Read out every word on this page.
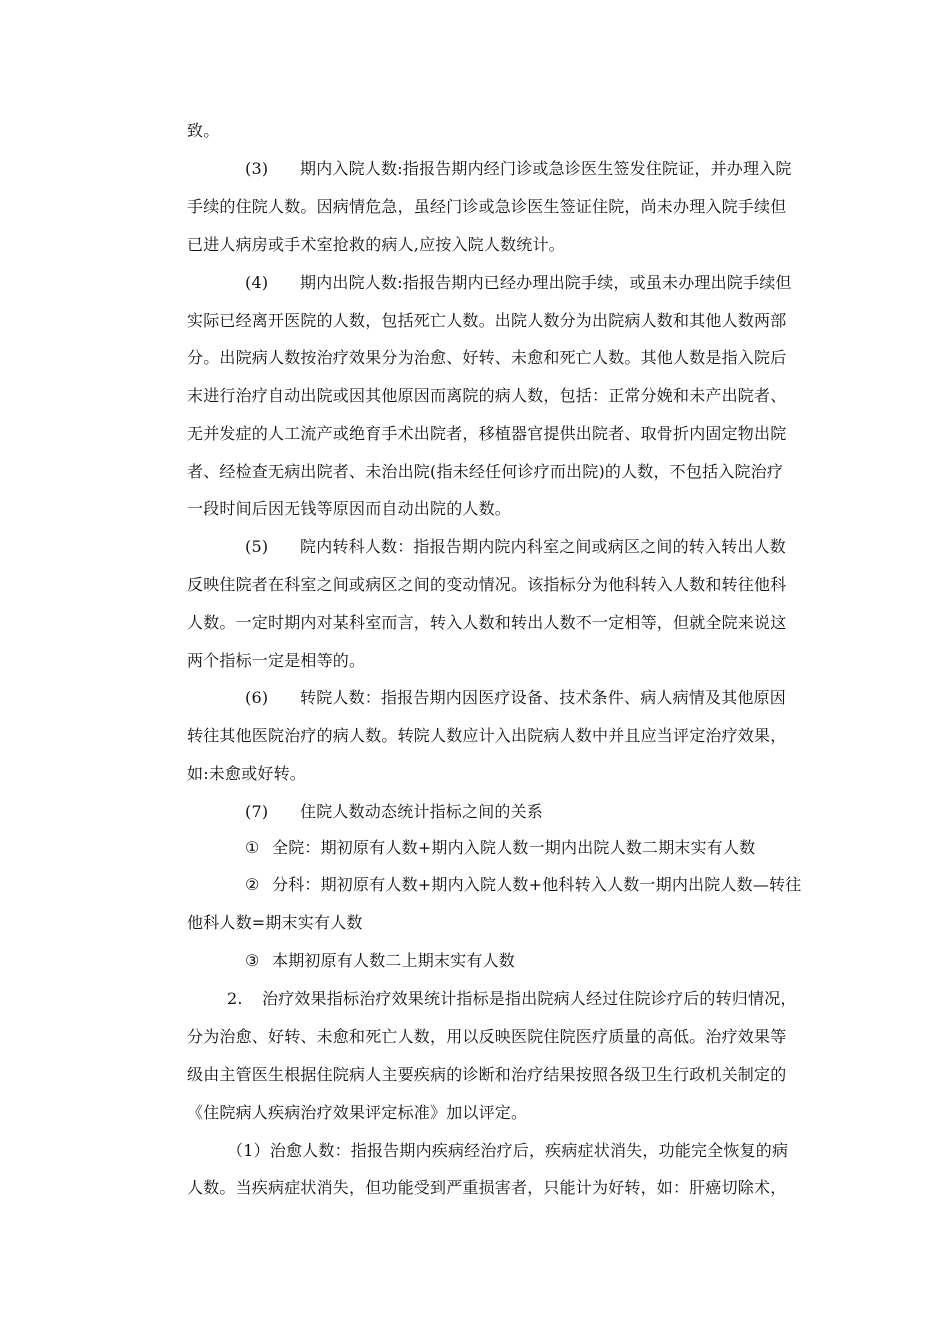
致。
(3) 期内入院人数:指报告期内经门诊或急诊医生签发住院证，并办理入院
手续的住院人数。因病情危急，虽经门诊或急诊医生签证住院，尚未办理入院手续但
已进人病房或手术室抢救的病人,应按入院人数统计。
(4) 期内出院人数:指报告期内已经办理出院手续，或虽未办理出院手续但
实际已经离开医院的人数，包括死亡人数。出院人数分为出院病人数和其他人数两部
分。出院病人数按治疗效果分为治愈、好转、未愈和死亡人数。其他人数是指入院后
末进行治疗自动出院或因其他原因而离院的病人数，包括：正常分娩和未产出院者、
无并发症的人工流产或绝育手术出院者，移植器官提供出院者、取骨折内固定物出院
者、经检查无病出院者、未治出院(指未经任何诊疗而出院)的人数，不包括入院治疗
一段时间后因无钱等原因而自动出院的人数。
(5) 院内转科人数：指报告期内院内科室之间或病区之间的转入转出人数
反映住院者在科室之间或病区之间的变动情况。该指标分为他科转入人数和转往他科
人数。一定时期内对某科室而言，转入人数和转出人数不一定相等，但就全院来说这
两个指标一定是相等的。
(6) 转院人数：指报告期内因医疗设备、技术条件、病人病情及其他原因
转往其他医院治疗的病人数。转院人数应计入出院病人数中并且应当评定治疗效果，
如:未愈或好转。
(7) 住院人数动态统计指标之间的关系
① 全院：期初原有人数+期内入院人数一期内出院人数二期末实有人数
② 分科：期初原有人数+期内入院人数+他科转入人数一期内出院人数—转往
他科人数=期末实有人数
③ 本期初原有人数二上期末实有人数
2. 治疗效果指标治疗效果统计指标是指出院病人经过住院诊疗后的转归情况，
分为治愈、好转、未愈和死亡人数，用以反映医院住院医疗质量的高低。治疗效果等
级由主管医生根据住院病人主要疾病的诊断和治疗结果按照各级卫生行政机关制定的
《住院病人疾病治疗效果评定标准》加以评定。
（1）治愈人数：指报告期内疾病经治疗后，疾病症状消失，功能完全恢复的病
人数。当疾病症状消失，但功能受到严重损害者，只能计为好转，如：肝癌切除术，
